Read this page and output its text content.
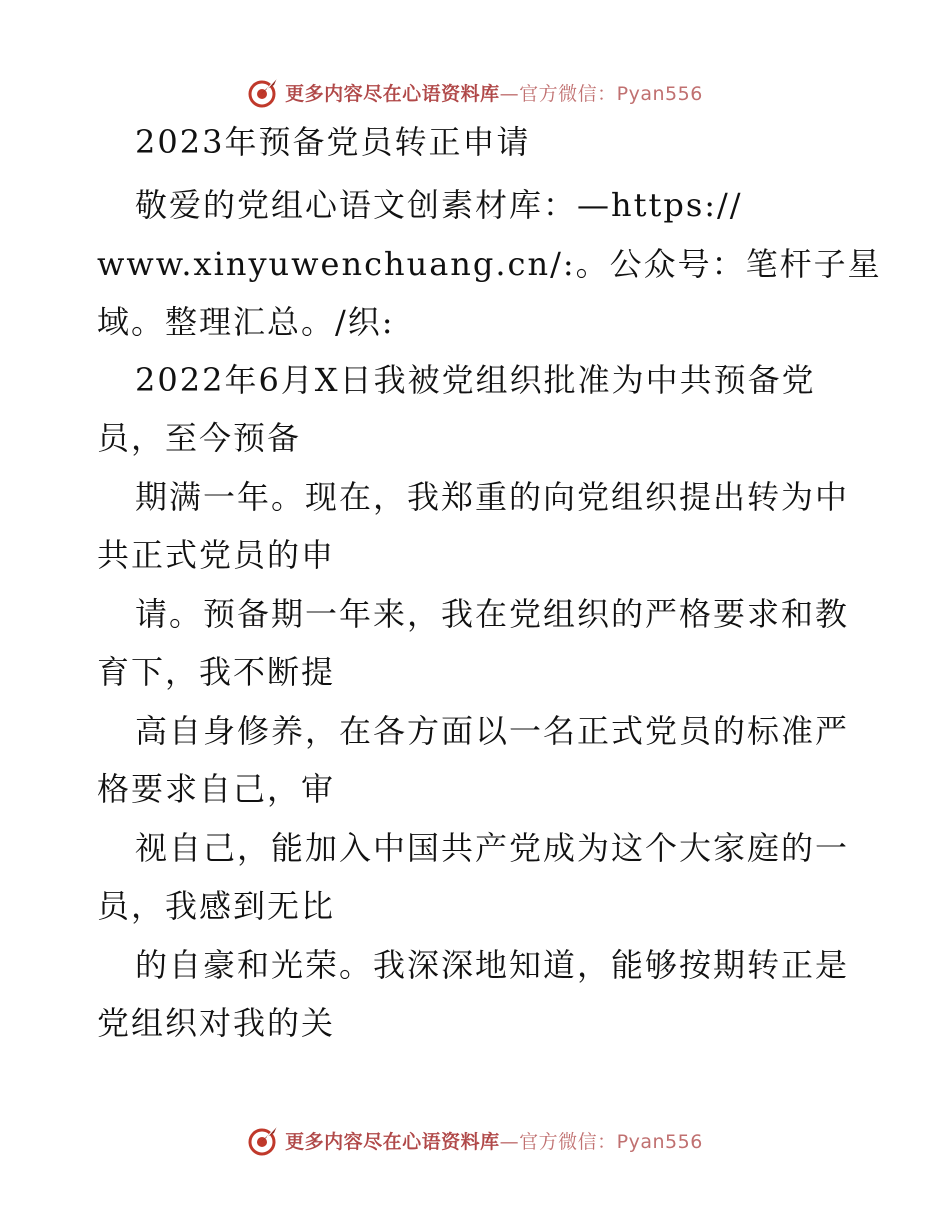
更多内容尽在心语资料库—官方微信：Pyan556
2023年预备党员转正申请
敬爱的党组心语文创素材库：—https://
www.xinyuwenchuang.cn/:。公众号：笔杆子星
域。整理汇总。/织:
2022年6月X日我被党组织批准为中共预备党
员，至今预备
期满一年。现在，我郑重的向党组织提出转为中
共正式党员的申
请。预备期一年来，我在党组织的严格要求和教
育下，我不断提
高自身修养，在各方面以一名正式党员的标准严
格要求自己，审
视自己，能加入中国共产党成为这个大家庭的一
员，我感到无比
的自豪和光荣。我深深地知道，能够按期转正是
党组织对我的关
更多内容尽在心语资料库—官方微信：Pyan556
